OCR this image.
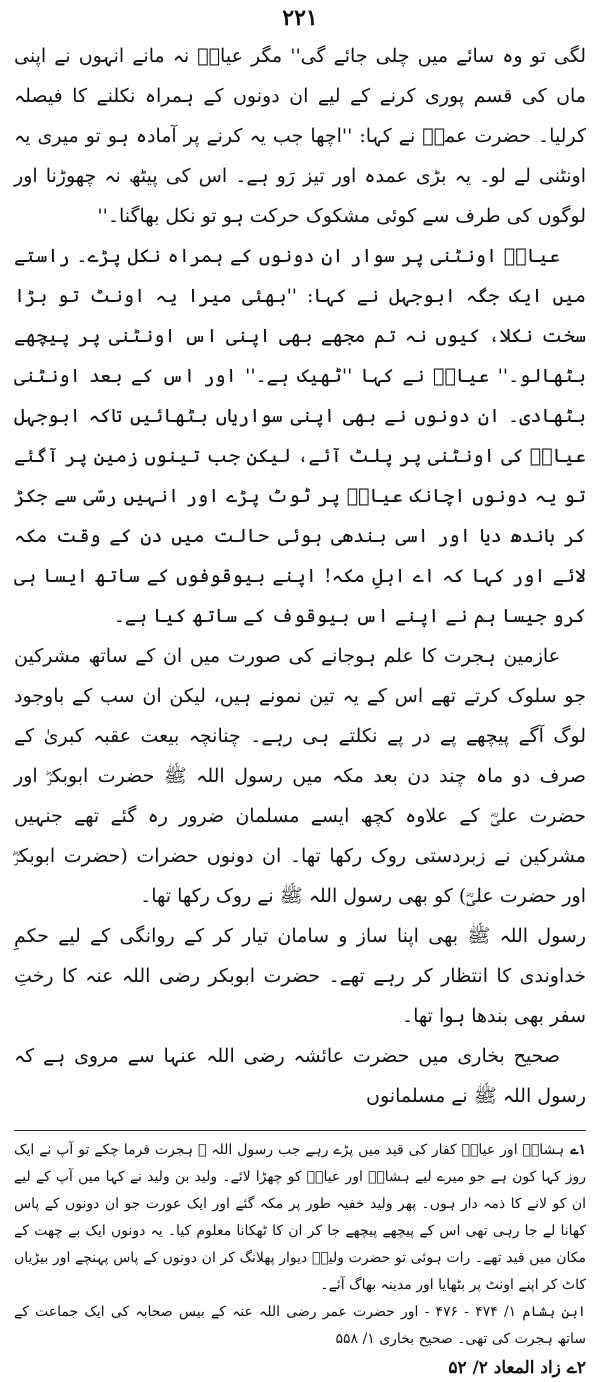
۲۲۱

لگی تو وہ سائے میں چلی جائے گی'' مگر عیاشؓ نہ مانے انہوں نے اپنی ماں کی قسم پوری کرنے کے لیے ان دونوں کے ہمراہ نکلنے کا فیصلہ کرلیا۔ حضرت عمرؓ نے کہا: ''اچھا جب یہ کرنے پر آمادہ ہو تو میری یہ اونٹنی لے لو۔ یہ بڑی عمدہ اور تیز رَو ہے۔ اس کی پیٹھ نہ چھوڑنا اور لوگوں کی طرف سے کوئی مشکوک حرکت ہو تو نکل بھاگنا۔''

عیاشؓ اونٹنی پر سوار ان دونوں کے ہمراہ نکل پڑے۔ راستے میں ایک جگہ ابوجہل نے کہا: ''بھئی میرا یہ اونٹ تو بڑا سخت نکلا، کیوں نہ تم مجھے بھی اپنی اس اونٹنی پر پیچھے بٹھالو۔'' عیاشؓ نے کہا ''ٹھیک ہے۔'' اور اس کے بعد اونٹنی بٹھادی۔ ان دونوں نے بھی اپنی سواریاں بٹھائیں تاکہ ابوجہل عیاشؓ کی اونٹنی پر پلٹ آئے، لیکن جب تینوں زمین پر آگئے تو یہ دونوں اچانک عیاشؓ پر ٹوٹ پڑے اور انہیں رسّی سے جکڑ کر باندھ دیا اور اسی بندھی ہوئی حالت میں دن کے وقت مکہ لائے اور کہا کہ اے اہلِ مکہ! اپنے بیوقوفوں کے ساتھ ایسا ہی کرو جیسا ہم نے اپنے اس بیوقوف کے ساتھ کیا ہے۔

عازمین ہجرت کا علم ہوجانے کی صورت میں ان کے ساتھ مشرکین جو سلوک کرتے تھے اس کے یہ تین نمونے ہیں، لیکن ان سب کے باوجود لوگ آگے پیچھے پے در پے نکلتے ہی رہے۔ چنانچہ بیعت عقبہ کبریٰ کے صرف دو ماہ چند دن بعد مکہ میں رسول اللہ ﷺ حضرت ابوبکرؓ اور حضرت علیؓ کے علاوہ کچھ ایسے مسلمان ضرور رہ گئے تھے جنہیں مشرکین نے زبردستی روک رکھا تھا۔ ان دونوں حضرات (حضرت ابوبکرؓ اور حضرت علیؓ) کو بھی رسول اللہ ﷺ نے روک رکھا تھا۔

رسول اللہ ﷺ بھی اپنا ساز و سامان تیار کر کے روانگی کے لیے حکمِ خداوندی کا انتظار کر رہے تھے۔ حضرت ابوبکر رضی اللہ عنہ کا رختِ سفر بھی بندھا ہوا تھا۔

صحیح بخاری میں حضرت عائشہ رضی اللہ عنہا سے مروی ہے کہ رسول اللہ ﷺ نے مسلمانوں

۱ےہشامؓ اور عیاشؓ کفار کی قید میں پڑے رہے جب رسول اللہ ﷺ ہجرت فرما چکے تو آپ نے ایک روز کہا کون ہے جو میرے لیے ہشامؓ اور عیاشؓ کو چھڑا لائے۔ ولید بن ولید نے کہا میں آپ کے لیے ان کو لانے کا ذمہ دار ہوں۔ پھر ولید خفیہ طور پر مکہ گئے اور ایک عورت جو ان دونوں کے پاس کھانا لے جا رہی تھی اس کے پیچھے پیچھے جا کر ان کا ٹھکانا معلوم کیا۔ یہ دونوں ایک بے چھت کے مکان میں قید تھے۔ رات ہوئی تو حضرت ولیدؓ دیوار پھلانگ کر ان دونوں کے پاس پہنچے اور بیڑیاں کاٹ کر اپنے اونٹ پر بٹھایا اور مدینہ بھاگ آئے۔

ابن ہشام ۱/ ۴۷۴ - ۴۷۶ - اور حضرت عمر رضی اللہ عنہ کے بیس صحابہ کی ایک جماعت کے ساتھ ہجرت کی تھی۔ صحیح بخاری ۱/ ۵۵۸

۲ےزاد المعاد ۲/ ۵۲
